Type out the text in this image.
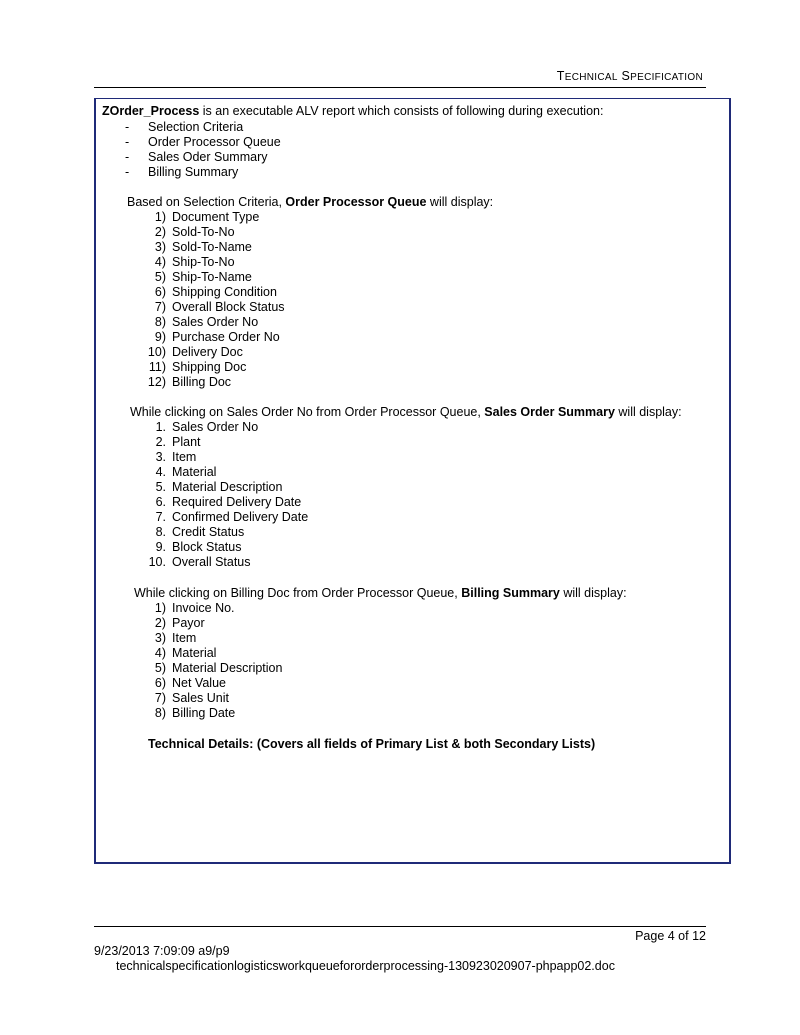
TECHNICAL SPECIFICATION
ZOrder_Process is an executable ALV report which consists of following during execution:
- Selection Criteria
- Order Processor Queue
- Sales Oder Summary
- Billing Summary
Based on Selection Criteria, Order Processor Queue will display:
1) Document Type
2) Sold-To-No
3) Sold-To-Name
4) Ship-To-No
5) Ship-To-Name
6) Shipping Condition
7) Overall Block Status
8) Sales Order No
9) Purchase Order No
10) Delivery Doc
11) Shipping Doc
12) Billing Doc
While clicking on Sales Order No from Order Processor Queue, Sales Order Summary will display:
1. Sales Order No
2. Plant
3. Item
4. Material
5. Material Description
6. Required Delivery Date
7. Confirmed Delivery Date
8. Credit Status
9. Block Status
10. Overall Status
While clicking on Billing Doc from Order Processor Queue, Billing Summary will display:
1) Invoice No.
2) Payor
3) Item
4) Material
5) Material Description
6) Net Value
7) Sales Unit
8) Billing Date
Technical Details: (Covers all fields of Primary List & both Secondary Lists)
Page 4 of 12
9/23/2013 7:09:09 a9/p9
technicalspecificationlogisticsworkqueuefororderprocessing-130923020907-phpapp02.doc
